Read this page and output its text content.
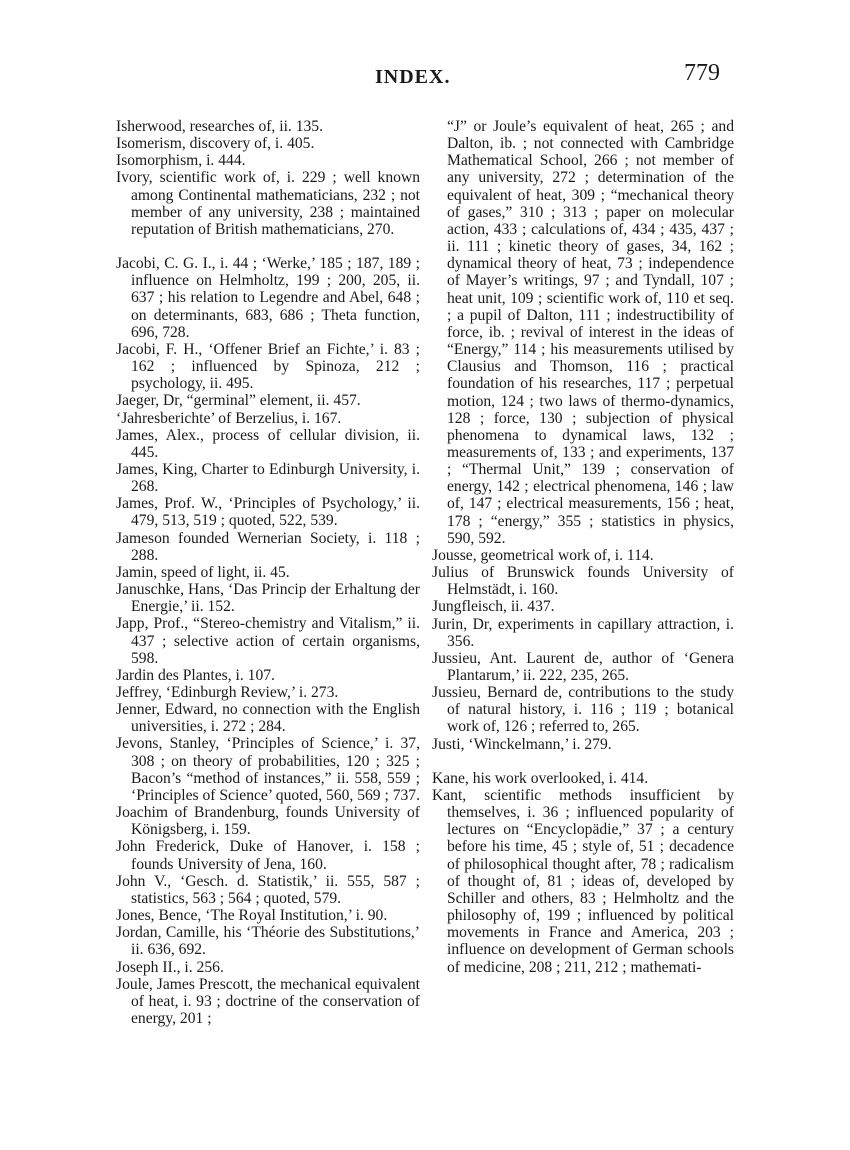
INDEX.	779

Isherwood, researches of, ii. 135.

Isomerism, discovery of, i. 405.

Isomorphism, i. 444.

Ivory, scientific work of, i. 229 ; well known among Continental mathematicians, 232 ; not member of any university, 238 ; maintained reputation of British mathematicians, 270.

Jacobi, C. G. I., i. 44 ; ‘Werke,’ 185 ; 187, 189 ; influence on Helmholtz, 199 ; 200, 205, ii. 637 ; his relation to Legendre and Abel, 648 ; on determinants, 683, 686 ; Theta function, 696, 728.

Jacobi, F. H., ‘Offener Brief an Fichte,’ i. 83 ; 162 ; influenced by Spinoza, 212 ; psychology, ii. 495.

Jaeger, Dr, “germinal” element, ii. 457.

‘Jahresberichte’ of Berzelius, i. 167.

James, Alex., process of cellular division, ii. 445.

James, King, Charter to Edinburgh University, i. 268.

James, Prof. W., ‘Principles of Psychology,’ ii. 479, 513, 519 ; quoted, 522, 539.

Jameson founded Wernerian Society, i. 118 ; 288.

Jamin, speed of light, ii. 45.

Januschke, Hans, ‘Das Princip der Erhaltung der Energie,’ ii. 152.

Japp, Prof., “Stereo-chemistry and Vitalism,” ii. 437 ; selective action of certain organisms, 598.

Jardin des Plantes, i. 107.

Jeffrey, ‘Edinburgh Review,’ i. 273.

Jenner, Edward, no connection with the English universities, i. 272 ; 284.

Jevons, Stanley, ‘Principles of Science,’ i. 37, 308 ; on theory of probabilities, 120 ; 325 ; Bacon’s “method of instances,” ii. 558, 559 ; ‘Principles of Science’ quoted, 560, 569 ; 737.

Joachim of Brandenburg, founds University of Königsberg, i. 159.

John Frederick, Duke of Hanover, i. 158 ; founds University of Jena, 160.

John V., ‘Gesch. d. Statistik,’ ii. 555, 587 ; statistics, 563 ; 564 ; quoted, 579.

Jones, Bence, ‘The Royal Institution,’ i. 90.

Jordan, Camille, his ‘Théorie des Substitutions,’ ii. 636, 692.

Joseph II., i. 256.

Joule, James Prescott, the mechanical equivalent of heat, i. 93 ; doctrine of the conservation of energy, 201 ;

“J” or Joule’s equivalent of heat, 265 ; and Dalton, ib. ; not connected with Cambridge Mathematical School, 266 ; not member of any university, 272 ; determination of the equivalent of heat, 309 ; “mechanical theory of gases,” 310 ; 313 ; paper on molecular action, 433 ; calculations of, 434 ; 435, 437 ; ii. 111 ; kinetic theory of gases, 34, 162 ; dynamical theory of heat, 73 ; independence of Mayer’s writings, 97 ; and Tyndall, 107 ; heat unit, 109 ; scientific work of, 110 et seq. ; a pupil of Dalton, 111 ; indestructibility of force, ib. ; revival of interest in the ideas of “Energy,” 114 ; his measurements utilised by Clausius and Thomson, 116 ; practical foundation of his researches, 117 ; perpetual motion, 124 ; two laws of thermo-dynamics, 128 ; force, 130 ; subjection of physical phenomena to dynamical laws, 132 ; measurements of, 133 ; and experiments, 137 ; “Thermal Unit,” 139 ; conservation of energy, 142 ; electrical phenomena, 146 ; law of, 147 ; electrical measurements, 156 ; heat, 178 ; “energy,” 355 ; statistics in physics, 590, 592.

Jousse, geometrical work of, i. 114.

Julius of Brunswick founds University of Helmstädt, i. 160.

Jungfleisch, ii. 437.

Jurin, Dr, experiments in capillary attraction, i. 356.

Jussieu, Ant. Laurent de, author of ‘Genera Plantarum,’ ii. 222, 235, 265.

Jussieu, Bernard de, contributions to the study of natural history, i. 116 ; 119 ; botanical work of, 126 ; referred to, 265.

Justi, ‘Winckelmann,’ i. 279.

Kane, his work overlooked, i. 414.

Kant, scientific methods insufficient by themselves, i. 36 ; influenced popularity of lectures on “Encyclopädie,” 37 ; a century before his time, 45 ; style of, 51 ; decadence of philosophical thought after, 78 ; radicalism of thought of, 81 ; ideas of, developed by Schiller and others, 83 ; Helmholtz and the philosophy of, 199 ; influenced by political movements in France and America, 203 ; influence on development of German schools of medicine, 208 ; 211, 212 ; mathemati-
